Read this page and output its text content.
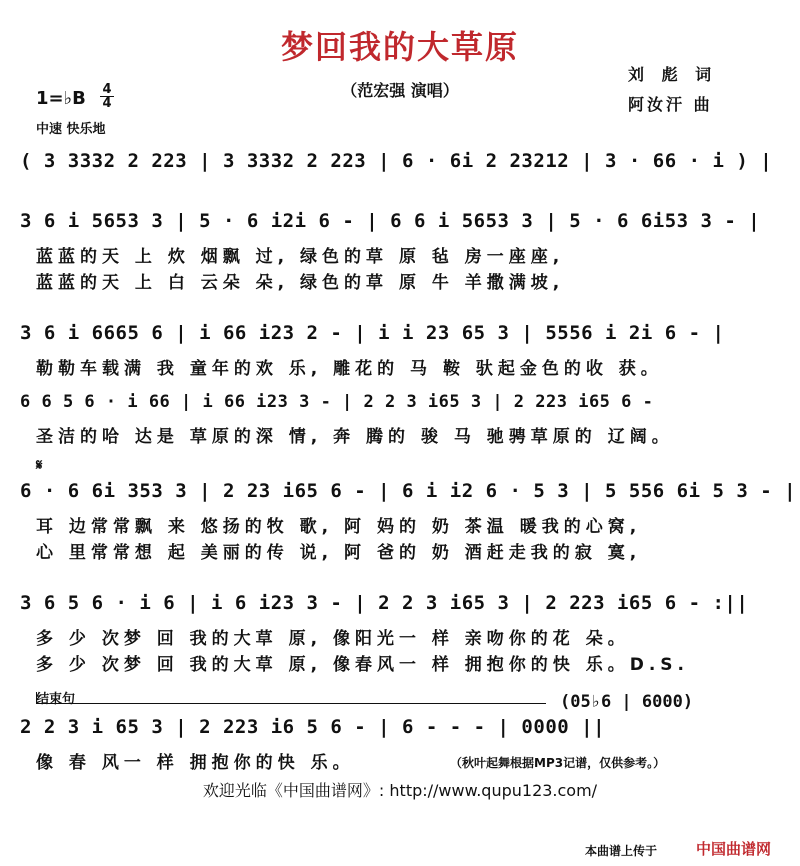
梦回我的大草原
（范宏强 演唱）
刘 彪 词
阿汝汗 曲
1=♭B 4
4
中速 快乐地
( 3 3332 2 223 | 3 3332 2 223 | 6 · 6i 2 23212 | 3 · 66 · i ) |
3 6 i 5653 3 | 5 · 6 i2i 6 - | 6 6 i 5653 3 | 5 · 6 6i53 3 - |
蓝蓝的天 上 炊 烟飘 过, 绿色的草 原 毡 房一座座,
蓝蓝的天 上 白 云朵 朵, 绿色的草 原 牛 羊撒满坡,
3 6 i 6665 6 | i 66 i23 2 - | i i 23 65 3 | 5556 i 2i 6 - |
勒勒车载满 我 童年的欢 乐, 雕花的 马 鞍 驮起金色的收 获。
6 6 5 6 · i 66 | i 66 i23 3 - | 2 2 3 i65 3 | 2 223 i65 6 -
圣洁的哈 达是 草原的深 情, 奔 腾的 骏 马 驰骋草原的 辽阔。
𝄋
6 · 6 6i 353 3 | 2 23 i65 6 - | 6 i i2 6 · 5 3 | 5 556 6i 5 3 - |
耳 边常常飘 来 悠扬的牧 歌, 阿 妈的 奶 茶温 暖我的心窝,
心 里常常想 起 美丽的传 说, 阿 爸的 奶 酒赶走我的寂 寞,
3 6 5 6 · i 6 | i 6 i23 3 - | 2 2 3 i65 3 | 2 223 i65 6 - :||
多 少 次梦 回 我的大草 原, 像阳光一 样 亲吻你的花 朵。
多 少 次梦 回 我的大草 原, 像春风一 样 拥抱你的快 乐。D.S.
结束句	(05♭6 | 6000)
2 2 3 i 65 3 | 2 223 i6 5 6 - | 6 - - - | 0000 ||
像 春 风一 样 拥抱你的快 乐。	（秋叶起舞根据MP3记谱，仅供参考。）
欢迎光临《中国曲谱网》: http://www.qupu123.com/
本曲谱上传于	中国曲谱网
